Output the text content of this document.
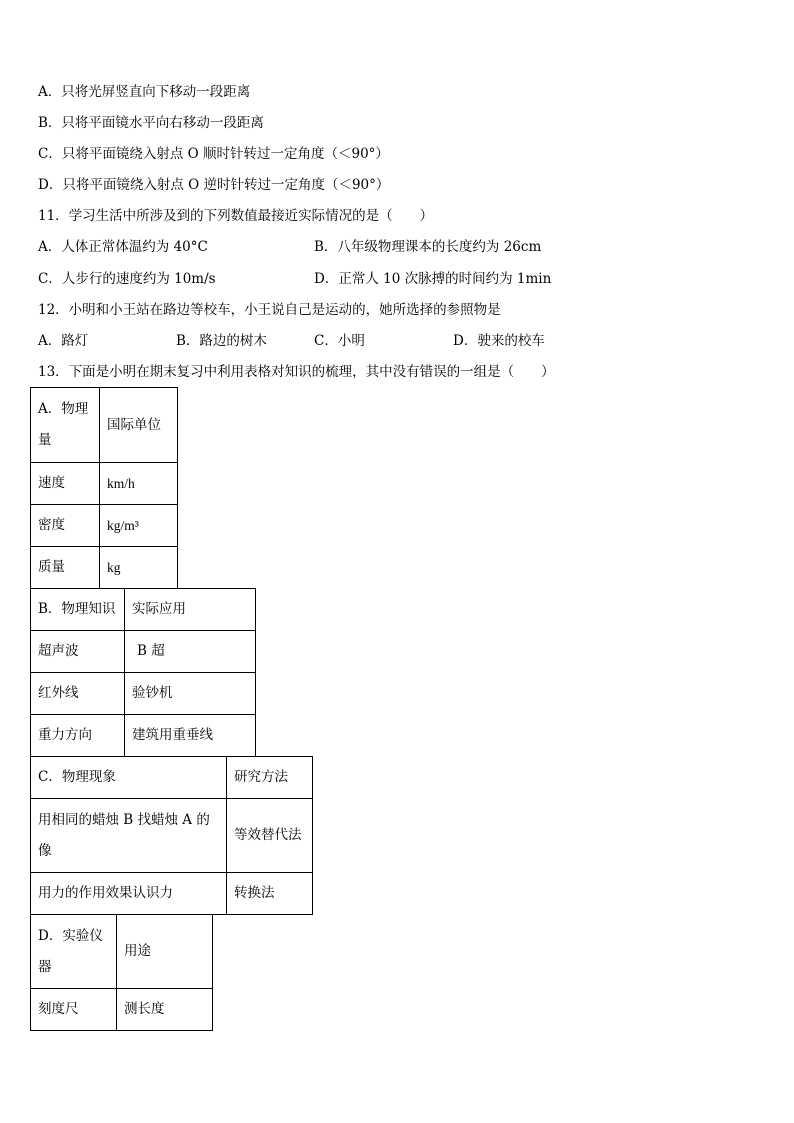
A．只将光屏竖直向下移动一段距离
B．只将平面镜水平向右移动一段距离
C．只将平面镜绕入射点 O 顺时针转过一定角度（＜90°）
D．只将平面镜绕入射点 O 逆时针转过一定角度（＜90°）
11．学习生活中所涉及到的下列数值最接近实际情况的是（　　）
A．人体正常体温约为 40°C	B．八年级物理课本的长度约为 26cm
C．人步行的速度约为 10m/s	D．正常人 10 次脉搏的时间约为 1min
12．小明和小王站在路边等校车，小王说自己是运动的，她所选择的参照物是
A．路灯	B．路边的树木	C．小明	D．驶来的校车
13．下面是小明在期末复习中利用表格对知识的梳理，其中没有错误的一组是（　　）
A．物理量	国际单位
速度	km/h
密度	kg/m³
质量	kg
B．物理知识	实际应用
超声波	B 超
红外线	验钞机
重力方向	建筑用重垂线
C．物理现象	研究方法
用相同的蜡烛 B 找蜡烛 A 的像	等效替代法
用力的作用效果认识力	转换法
D．实验仪器	用途
刻度尺	测长度
